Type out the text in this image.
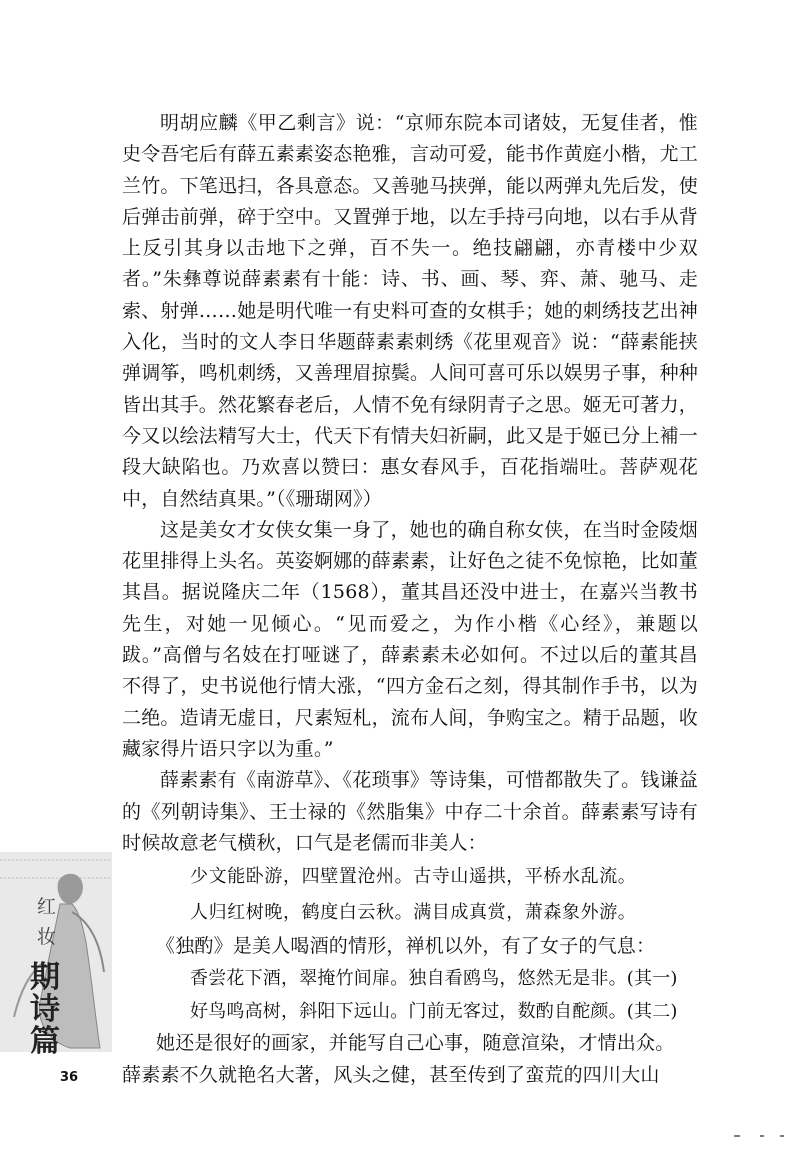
明胡应麟《甲乙剩言》说：“京师东院本司诸妓，无复佳者，惟史令吾宅后有薛五素素姿态艳雅，言动可爱，能书作黄庭小楷，尤工兰竹。下笔迅扫，各具意态。又善驰马挟弹，能以两弹丸先后发，使后弹击前弹，碎于空中。又置弹于地，以左手持弓向地，以右手从背上反引其身以击地下之弹，百不失一。绝技翩翩，亦青楼中少双者。”朱彝尊说薛素素有十能：诗、书、画、琴、弈、萧、驰马、走索、射弹……她是明代唯一有史料可查的女棋手；她的刺绣技艺出神入化，当时的文人李日华题薛素素刺绣《花里观音》说：“薛素能挟弹调筝，鸣机刺绣，又善理眉掠鬓。人间可喜可乐以娱男子事，种种皆出其手。然花繁春老后，人情不免有绿阴青子之思。姬无可著力，今又以绘法精写大士，代天下有情夫妇祈嗣，此又是于姬已分上補一段大缺陷也。乃欢喜以赞曰：惠女春风手，百花指端吐。菩萨观花中，自然结真果。”（《珊瑚网》）

这是美女才女侠女集一身了，她也的确自称女侠，在当时金陵烟花里排得上头名。英姿婀娜的薛素素，让好色之徒不免惊艳，比如董其昌。据说隆庆二年（1568），董其昌还没中进士，在嘉兴当教书先生，对她一见倾心。“见而爱之，为作小楷《心经》，兼题以跋。”高僧与名妓在打哑谜了，薛素素未必如何。不过以后的董其昌不得了，史书说他行情大涨，“四方金石之刻，得其制作手书，以为二绝。造请无虚日，尺素短札，流布人间，争购宝之。精于品题，收藏家得片语只字以为重。”

薛素素有《南游草》、《花琐事》等诗集，可惜都散失了。钱谦益的《列朝诗集》、王士禄的《然脂集》中存二十余首。薛素素写诗有时候故意老气横秋，口气是老儒而非美人：

少文能卧游，四壁置沧州。古寺山遥拱，平桥水乱流。
人归红树晚，鹤度白云秋。满目成真赏，萧森象外游。
《独酌》是美人喝酒的情形，禅机以外，有了女子的气息：
香尝花下酒，翠掩竹间扉。独自看鸥鸟，悠然无是非。(其一)
好鸟鸣高树，斜阳下远山。门前无客过，数酌自酡颜。(其二)
她还是很好的画家，并能写自己心事，随意渲染，才情出众。
薛素素不久就艳名大著，风头之健，甚至传到了蛮荒的四川大山
红
妆
期
诗
篇
36
